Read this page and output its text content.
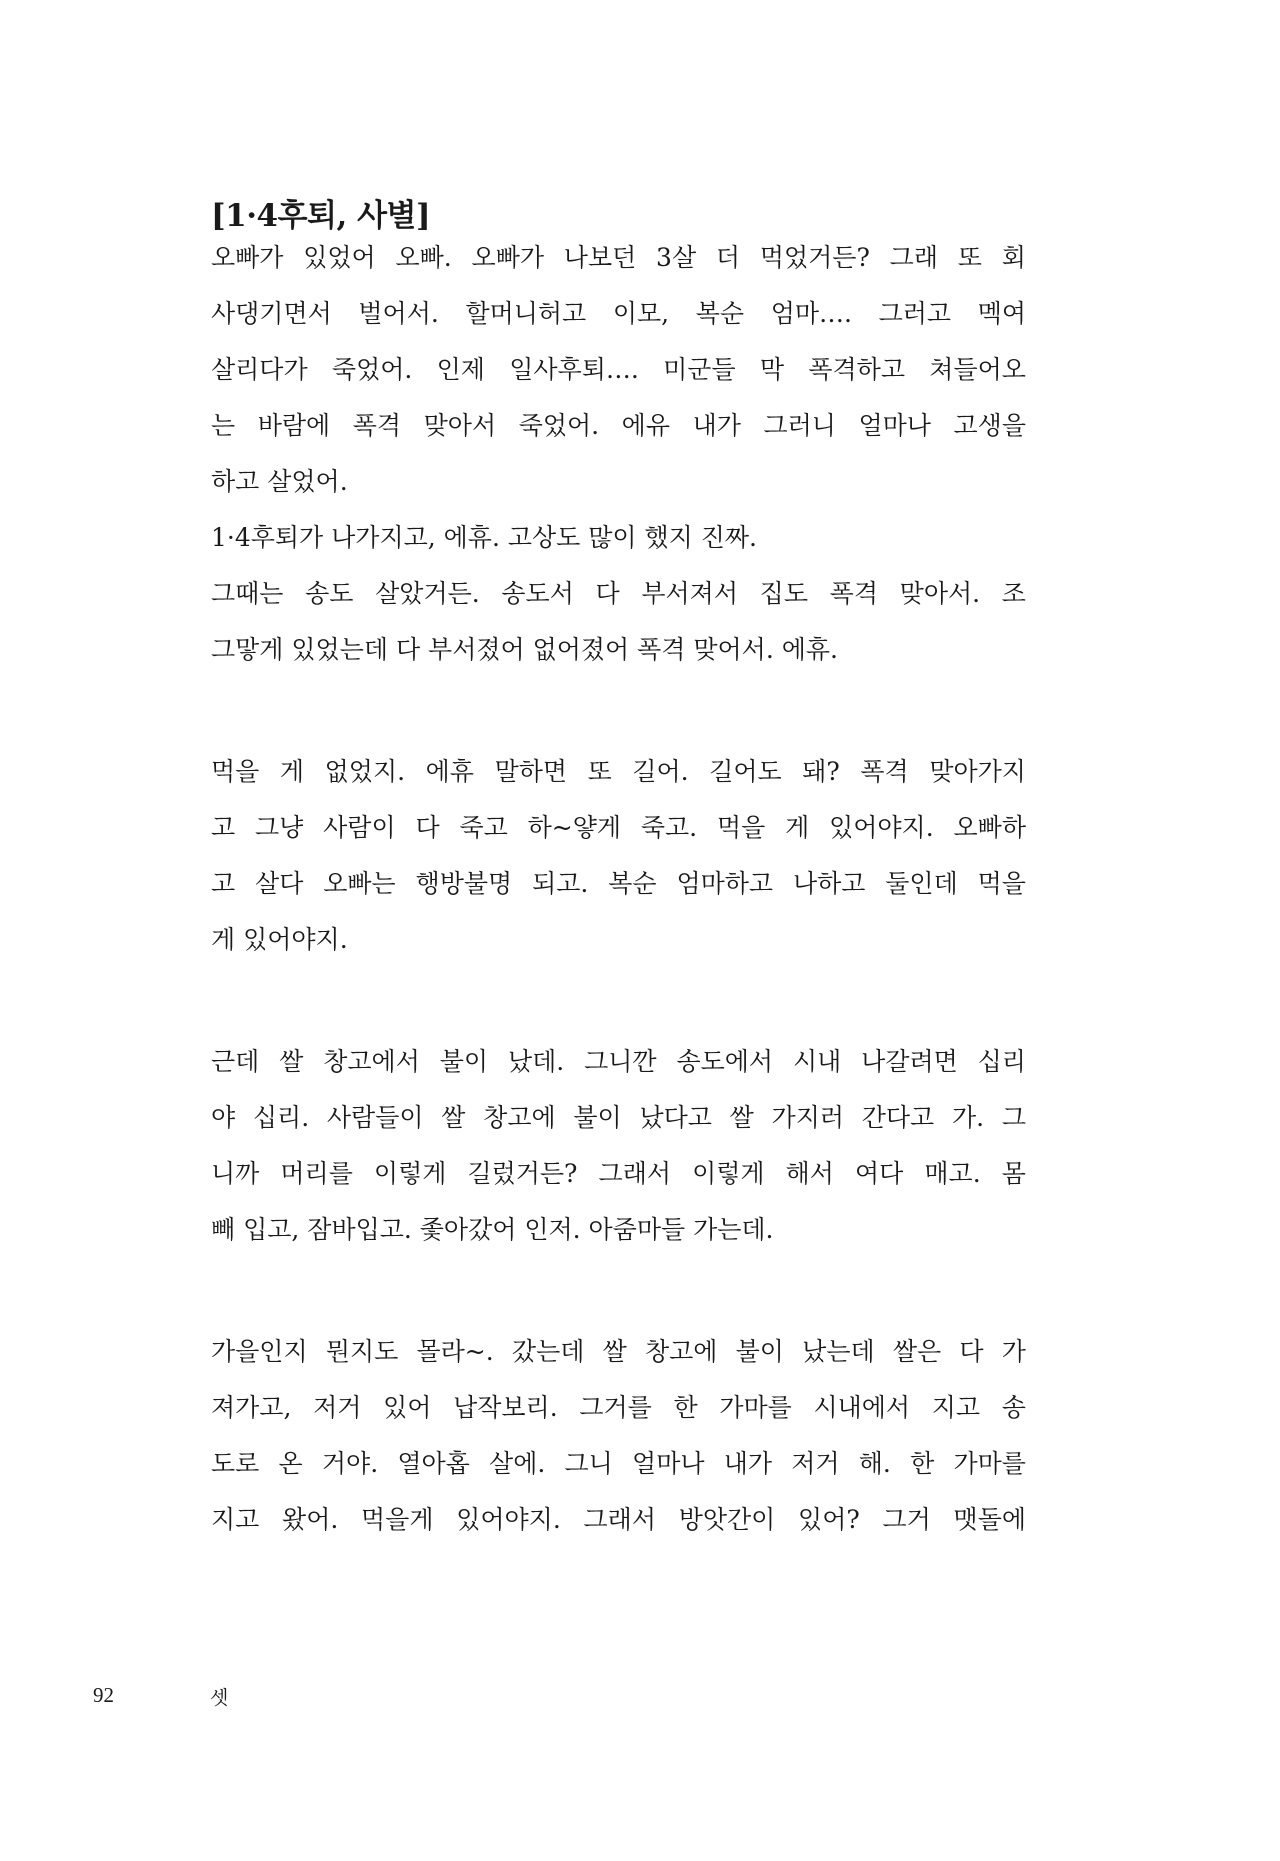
[1·4후퇴, 사별]
오빠가 있었어 오빠. 오빠가 나보던 3살 더 먹었거든? 그래 또 회
사댕기면서 벌어서. 할머니허고 이모, 복순 엄마…. 그러고 멕여
살리다가 죽었어. 인제 일사후퇴…. 미군들 막 폭격하고 쳐들어오
는 바람에 폭격 맞아서 죽었어. 에유 내가 그러니 얼마나 고생을
하고 살었어.
1·4후퇴가 나가지고, 에휴. 고상도 많이 했지 진짜.
그때는 송도 살았거든. 송도서 다 부서져서 집도 폭격 맞아서. 조
그맣게 있었는데 다 부서졌어 없어졌어 폭격 맞어서. 에휴.
먹을 게 없었지. 에휴 말하면 또 길어. 길어도 돼? 폭격 맞아가지
고 그냥 사람이 다 죽고 하~얗게 죽고. 먹을 게 있어야지. 오빠하
고 살다 오빠는 행방불명 되고. 복순 엄마하고 나하고 둘인데 먹을
게 있어야지.
근데 쌀 창고에서 불이 났데. 그니깐 송도에서 시내 나갈려면 십리
야 십리. 사람들이 쌀 창고에 불이 났다고 쌀 가지러 간다고 가. 그
니까 머리를 이렇게 길렀거든? 그래서 이렇게 해서 여다 매고. 몸
빼 입고, 잠바입고. 좇아갔어 인저. 아줌마들 가는데.
가을인지 뭔지도 몰라~. 갔는데 쌀 창고에 불이 났는데 쌀은 다 가
져가고, 저거 있어 납작보리. 그거를 한 가마를 시내에서 지고 송
도로 온 거야. 열아홉 살에. 그니 얼마나 내가 저거 해. 한 가마를
지고 왔어. 먹을게 있어야지. 그래서 방앗간이 있어? 그거 맷돌에
92	셋
